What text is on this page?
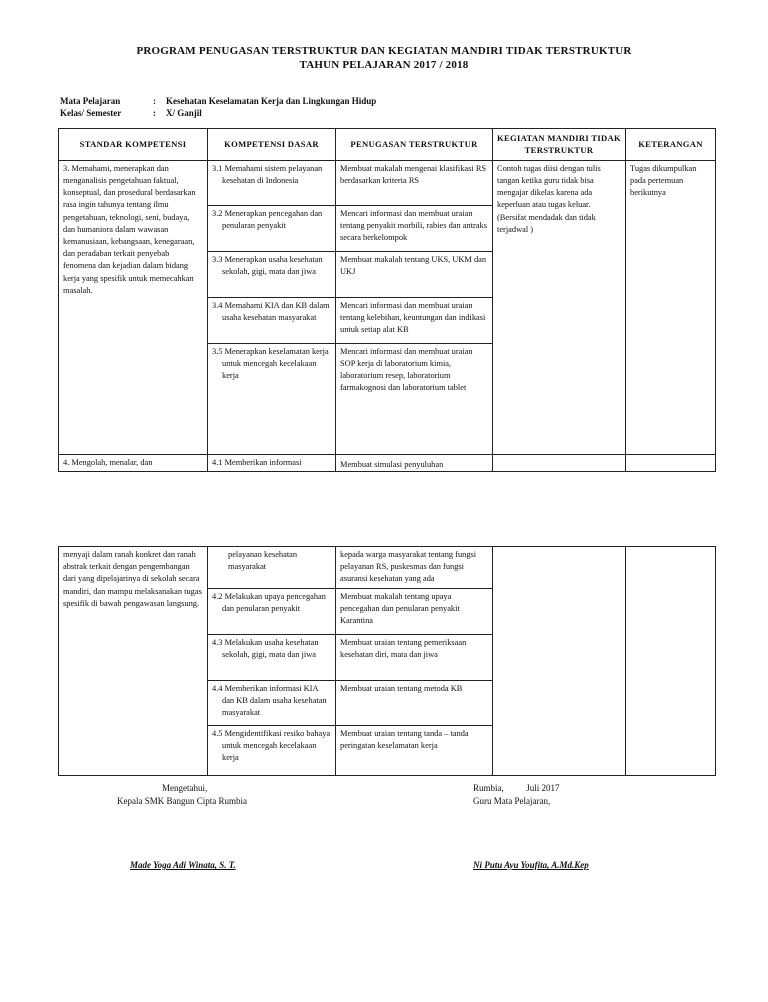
PROGRAM PENUGASAN TERSTRUKTUR DAN KEGIATAN MANDIRI TIDAK TERSTRUKTUR
TAHUN PELAJARAN 2017 / 2018
Mata Pelajaran	: Kesehatan Keselamatan Kerja dan Lingkungan Hidup
Kelas/ Semester	: X/ Ganjil
STANDAR KOMPETENSI	KOMPETENSI DASAR	PENUGASAN TERSTRUKTUR	KEGIATAN MANDIRI TIDAK TERSTRUKTUR	KETERANGAN
3. Memahami, menerapkan dan menganalisis pengetahuan faktual, konseptual, dan prosedural berdasarkan rasa ingin tahunya tentang ilmu pengetahuan, teknologi, seni, budaya, dan humaniora dalam wawasan kemanusiaan, kebangsaan, kenegaraan, dan peradaban terkait penyebab fenomena dan kejadian dalam bidang kerja yang spesifik untuk memecahkan masalah.	3.1 Memahami sistem pelayanan kesehatan di Indonesia	Membuat makalah mengenai klasifikasi RS berdasarkan kriteria RS	Contoh tugas diisi dengan tulis tangan ketika guru tidak bisa mengajar dikelas karena ada keperluan atau tugas keluar. (Bersifat mendadak dan tidak terjadwal )	Tugas dikumpulkan pada pertemuan berikutnya
	3.2 Menerapkan pencegahan dan penularan penyakit	Mencari informasi dan membuat uraian tentang penyakit morbili, rabies dan antraks secara berkelompok		
	3.3 Menerapkan usaha kesehatan sekolah, gigi, mata dan jiwa	Membuat makalah tentang UKS, UKM dan UKJ		
	3.4 Memahami KIA dan KB dalam usaha kesehatan masyarakat	Mencari informasi dan membuat uraian tentang kelebihan, keuntungan dan indikasi untuk setiap alat KB		
	3.5 Menerapkan keselamatan kerja untuk mencegah kecelakaan kerja	Mencari informasi dan membuat uraian SOP kerja di laboratorium kimia, laboratorium resep, laboratorium farmakognosi dan laboratorium tablet		
4. Mengolah, menalar, dan	4.1 Memberikan informasi	Membuat simulasi penyuluhan		
menyaji dalam ranah konkret dan ranah abstrak terkait dengan pengembangan dari yang dipelajarinya di sekolah secara mandiri, dan mampu melaksanakan tugas spesifik di bawah pengawasan langsung.	pelayanan kesehatan masyarakat	kepada warga masyarakat tentang fungsi pelayanan RS, puskesmas dan fungsi asuransi kesehatan yang ada		
	4.2 Melakukan upaya pencegahan dan penularan penyakit	Membuat makalah tentang upaya pencegahan dan penularan penyakit Karantina		
	4.3 Melakukan usaha kesehatan sekolah, gigi, mata dan jiwa	Membuat uraian tentang pemeriksaan kesehatan diri, mata dan jiwa		
	4.4 Memberikan informasi KIA dan KB dalam usaha kesehatan masyarakat	Membuat uraian tentang metoda KB		
	4.5 Mengidentifikasi resiko bahaya untuk mencegah kecelakaan kerja	Membuat uraian tentang tanda – tanda peringatan keselamatan kerja		
Mengetahui,
Kepala SMK Bangun Cipta Rumbia
Made Yoga Adi Winata, S. T.
Rumbia,          Juli 2017
Guru Mata Pelajaran,
Ni Putu Ayu Youfita, A.Md.Kep
